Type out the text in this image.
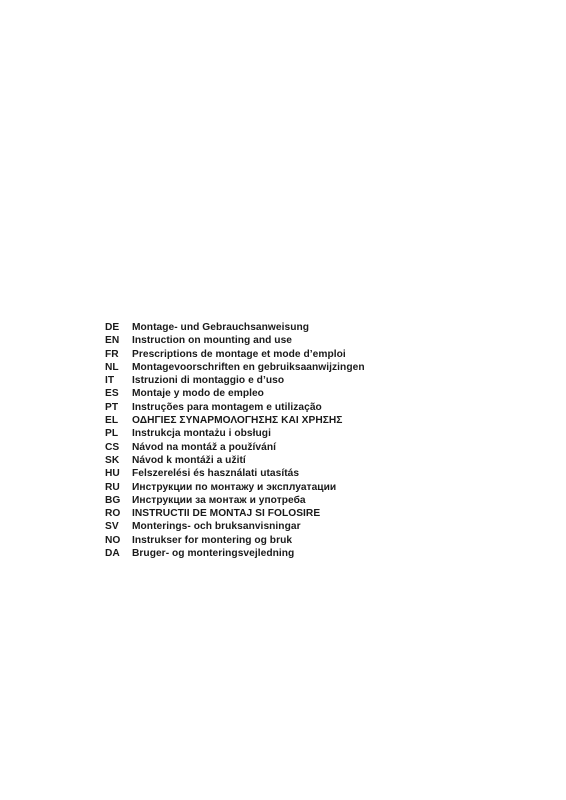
DE	Montage- und Gebrauchsanweisung
EN	Instruction on mounting and use
FR	Prescriptions de montage et mode d’emploi
NL	Montagevoorschriften en gebruiksaanwijzingen
IT	Istruzioni di montaggio e d’uso
ES	Montaje y modo de empleo
PT	Instruções para montagem e utilização
EL	ΟΔΗΓΙΕΣ ΣΥΝΑΡΜΟΛΟΓΗΣΗΣ ΚΑΙ ΧΡΗΣΗΣ
PL	Instrukcja montażu i obsługi
CS	Návod na montáž a používání
SK	Návod k montáži a užití
HU	Felszerelési és használati utasítás
RU	Инструкции по монтажу и эксплуатации
BG	Инструкции за монтаж и употреба
RO	INSTRUCTII DE MONTAJ SI FOLOSIRE
SV	Monterings- och bruksanvisningar
NO	Instrukser for montering og bruk
DA	Bruger- og monteringsvejledning
